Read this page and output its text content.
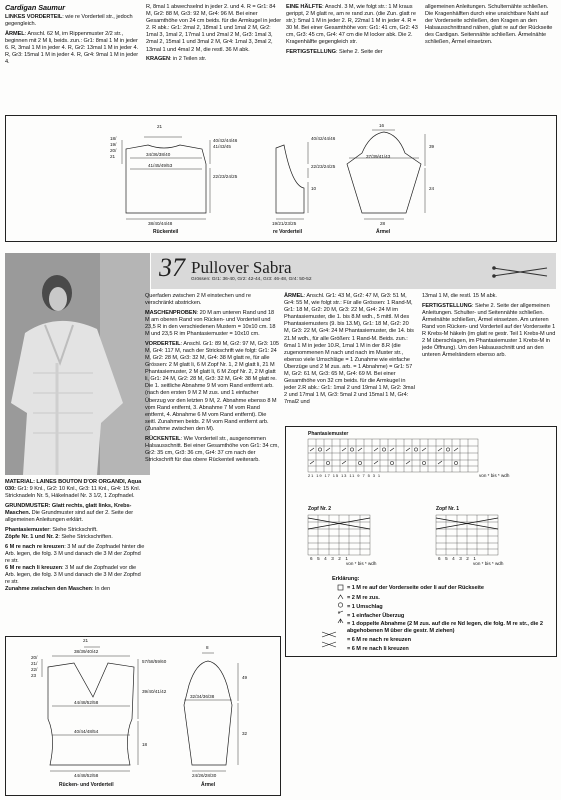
Cardigan Saumur

LINKES VORDERTEIL: wie re Vorderteil str., jedoch gegengleich.

ÄRMEL: Anschl. 62 M, im Rippenmuster 2/2 str., beginnen mit 2 M li, beids. zun.: Gr1: 8mal 1 M in jeder 6. R, 3mal 1 M in jeder 4. R, Gr2: 13mal 1 M in jeder 4. R, Gr3: 15mal 1 M in jeder 4. R, Gr4: 9mal 1 M in jeder 4.

R, 8mal 1 abwechselnd in jeder 2. und 4. R = Gr1: 84 M, Gr2: 88 M, Gr3: 92 M, Gr4: 96 M. Bei einer Gesamthöhe von 24 cm beids. für die Armkugel in jeder 2. R abk.: Gr1: 2mal 2, 18mal 1 und 1mal 2 M, Gr2: 1mal 3, 1mal 2, 17mal 1 und 2mal 2 M, Gr3: 1mal 3, 2mal 2, 15mal 1 und 3mal 2 M, Gr4: 1mal 3, 3mal 2, 13mal 1 und 4mal 2 M, die restl. 36 M abk.

KRAGEN: in 2 Teilen str.

EINE HÄLFTE: Anschl. 3 M, wie folgt str.: 1 M kraus gerippt, 2 M glatt re, am re rand zun. (die Zun. glatt re str.): 5mal 1 M in jeder 2. R, 22mal 1 M in jeder 4. R = 30 M. Bei einer Gesamthöhe von: Gr1: 41 cm, Gr2: 43 cm, Gr3: 45 cm, Gr4: 47 cm die M locker abk. Die 2. Kragenhälfte gegengleich str.

FERTIGSTELLUNG: Siehe 2. Seite der

allgemeinen Anleitungen. Schulternähte schließen. Die Kragenhälften durch eine unsichtbare Naht auf der Vorderseite schließen, den Kragen an den Halsausschnittrand nähen, glatt re auf der Rückseite des Cardigan. Seitennähte schließen. Ärmelnähte schließen, Ärmel einsetzen.

21
34/36/38/40
41/45/49/53
38/40/44/48
Rückenteil
18/
19/
20/
21
40/42/44/46
41/43/45
22/23/24/25
40/42/44/46
22/23/24/25
10
19/21/23/25
re Vorderteil
16
37/39/41/43
39
24
28
Ärmel
37 Pullover Sabra
Grössen: Gr1: 36-40, Gr2: 42-44, Gr3: 46-48, Gr4: 50-52

MATERIAL: LAINES BOUTON D'OR ORGANDI, Aqua 030: Gr1: 9 Knl., Gr2: 10 Knl., Gr3: 11 Knl., Gr4: 15 Knl. Stricknadeln Nr. 5, Häkelnadel Nr. 3 1/2, 1 Zopfnadel.

GRUNDMUSTER: Glatt rechts, glatt links, Krebs-Maschen. Die Grundmuster sind auf der 2. Seite der allgemeinen Anleitungen erklärt.

Phantasiemuster: Siehe Strickschrift.

Zöpfe Nr. 1 und Nr. 2: Siehe Strickschriften.

6 M re nach re kreuzen: 3 M auf die Zopfnadel hinter die Arb. legen, die folg. 3 M und danach die 3 M der Zopfnd re str.

6 M re nach li kreuzen: 3 M auf die Zopfnadel vor die Arb. legen, die folg. 3 M und danach die 3 M der Zopfnd re str.

Zunahme zwischen den Maschen: In den

Querfaden zwischen 2 M einstechen und re verschränkt abstricken.

MASCHENPROBEN: 20 M am unteren Rand und 18 M am oberen Rand von Rücken- und Vorderteil und 23,5 R in den verschiedenen Mustern = 10x10 cm. 18 M und 23,5 R im Phantasiemuster = 10x10 cm.

VORDERTEIL: Anschl. Gr1: 89 M, Gr2: 97 M, Gr3: 105 M, Gr4: 117 M, nach der Strickschrift wie folgt: Gr1: 24 M, Gr2: 28 M, Gr3: 32 M, Gr4: 38 M glatt re, für alle Grössen: 2 M glatt li, 6 M Zopf Nr. 1, 2 M glatt li, 21 M Phantasiemuster, 2 M glatt li, 6 M Zopf Nr. 2, 2 M glatt li, Gr1: 24 M, Gr2: 28 M, Gr3: 32 M, Gr4: 38 M glatt re. Die 1. seitliche Abnahme 9 M vom Rand entfernt arb. (nach den ersten 9 M 2 M zus. und 1 einfacher Überzug vor den letzten 9 M, 2. Abnahme ebenso 8 M vom Rand entfernt, 3. Abnahme 7 M vom Rand entfernt, 4. Abnahme 6 M vom Rand entfernt). Die seitl. Zunahmen beids. 2 M vom Rand entfernt arb. (Zunahme zwischen den M).

RÜCKENTEIL: Wie Vorderteil str., ausgenommen Halsausschnitt. Bei einer Gesamthöhe von Gr1: 34 cm, Gr2: 35 cm, Gr3: 36 cm, Gr4: 37 cm nach der Strickschrift für das obere Rückenteil weiterarb.

ÄRMEL: Anschl. Gr1: 43 M, Gr2: 47 M, Gr3: 51 M, Gr4: 55 M, wie folgt str.: Für alle Grössen: 1 Rand-M, Gr1: 18 M, Gr2: 20 M, Gr3: 22 M, Gr4: 24 M im Phantasiemuster, die 1. bis 8.M wdh., 5 mittl. M des Phantasiemusters (9. bis 13.M), Gr1: 18 M, Gr2: 20 M, Gr3: 22 M, Gr4: 24 M Phantasiemuster, die 14. bis 21.M wdh., für alle Größen: 1 Rand-M. Beids. zun.: 6mal 1 M in jeder 10.R, 1mal 1 M in der 8.R (die zugenommenen M nach und nach im Muster str., ebenso viele Umschläge = 1 Zunahme wie einfache Überzüge und 2 M zus. arb. = 1 Abnahme) = Gr1: 57 M, Gr2: 61 M, Gr3: 65 M, Gr4: 69 M. Bei einer Gesamthöhe von 32 cm beids. für die Armkugel in jeder 2.R abk.: Gr1: 1mal 2 und 19mal 1 M, Gr2: 3mal 2 und 17mal 1 M, Gr3: 5mal 2 und 15mal 1 M, Gr4: 7mal2 und

13mal 1 M, die restl. 15 M abk.

FERTIGSTELLUNG: Siehe 2. Seite der allgemeinen Anleitungen. Schulter- und Seitennähte schließen. Ärmelnähte schließen, Ärmel einsetzen. Am unteren Rand von Rücken- und Vorderteil auf der Vorderseite 1 R Krebs-M häkeln (im glatt re gestr. Teil 1 Krebs-M und 2 M überschlagen, im Phantasiemuster 1 Krebs-M in jede Öffnung). Um den Halsausschnitt und an den unteren Ärmelrändern ebenso arb.

Phantasiemuster
von * bis * wdh
Zopf Nr. 2
von * bis * wdh
Zopf Nr. 1
von * bis * wdh
21 19 17 15 13 11 9 7 5 3 1
654321	654321
Erklärung:
= 1 M re auf der Vorderseite oder li auf der Rückseite
= 2 M re zus.
= 1 Umschlag
= 1 einfacher Überzug
= 1 doppelte Abnahme (2 M zus. auf die re Nd legen, die folg. M re str., die 2 abgehobenen M über die gestr. M ziehen)
= 6 M re nach re kreuzen
= 6 M re nach li kreuzen
21
38/39/40/42
20/
21/
22/
23
57/58/59/60
39/40/41/42
44/48/52/58
40/44/48/54
18
44/48/52/58
Rücken- und Vorderteil
8
32/34/36/38
49
32
24/26/28/30
Ärmel
